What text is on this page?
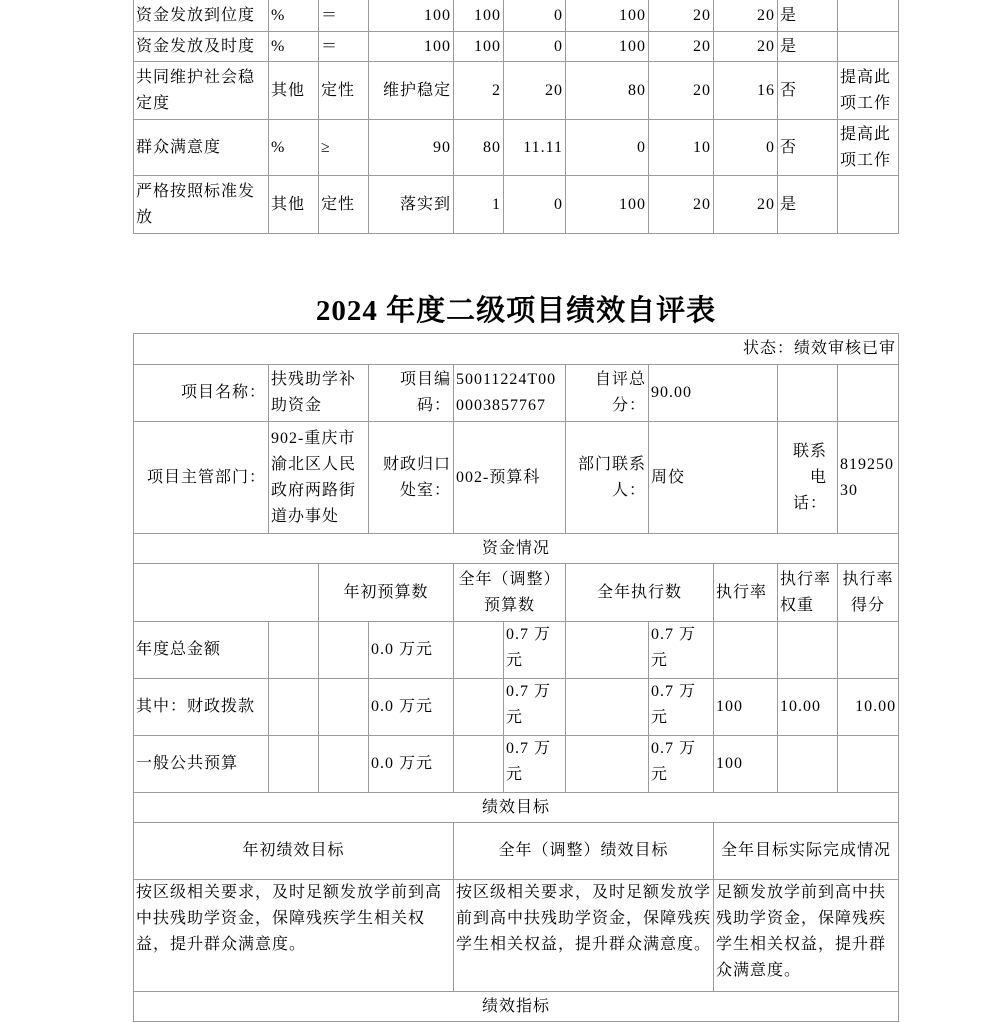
资金发放到位度	%	＝	100	100	0	100	20	20	是	
资金发放及时度	%	＝	100	100	0	100	20	20	是	
共同维护社会稳定度	其他	定性	维护稳定	2	20	80	20	16	否	提高此项工作
群众满意度	%	≥	90	80	11.11	0	10	0	否	提高此项工作
严格按照标准发放	其他	定性	落实到	1	0	100	20	20	是	
2024 年度二级项目绩效自评表
状态：绩效审核已审										
项目名称：	扶残助学补助资金		项目编码：	50011224T000003857767		自评总分：	90.00			
项目主管部门：	902-重庆市渝北区人民政府两路街道办事处		财政归口处室：	002-预算科		部门联系人：	周佼		联系电话：	81925030
资金情况										
		年初预算数		全年（调整）预算数		全年执行数		执行率	执行率权重	执行率得分
年度总金额			0.0 万元		0.7 万元		0.7 万元			
其中：财政拨款			0.0 万元		0.7 万元		0.7 万元	100	10.00	10.00
一般公共预算			0.0 万元		0.7 万元		0.7 万元	100		
绩效目标										
年初绩效目标				全年（调整）绩效目标				全年目标实际完成情况		
按区级相关要求，及时足额发放学前到高中扶残助学资金，保障残疾学生相关权益，提升群众满意度。				按区级相关要求，及时足额发放学前到高中扶残助学资金，保障残疾学生相关权益，提升群众满意度。				足额发放学前到高中扶残助学资金，保障残疾学生相关权益，提升群众满意度。		
绩效指标										
